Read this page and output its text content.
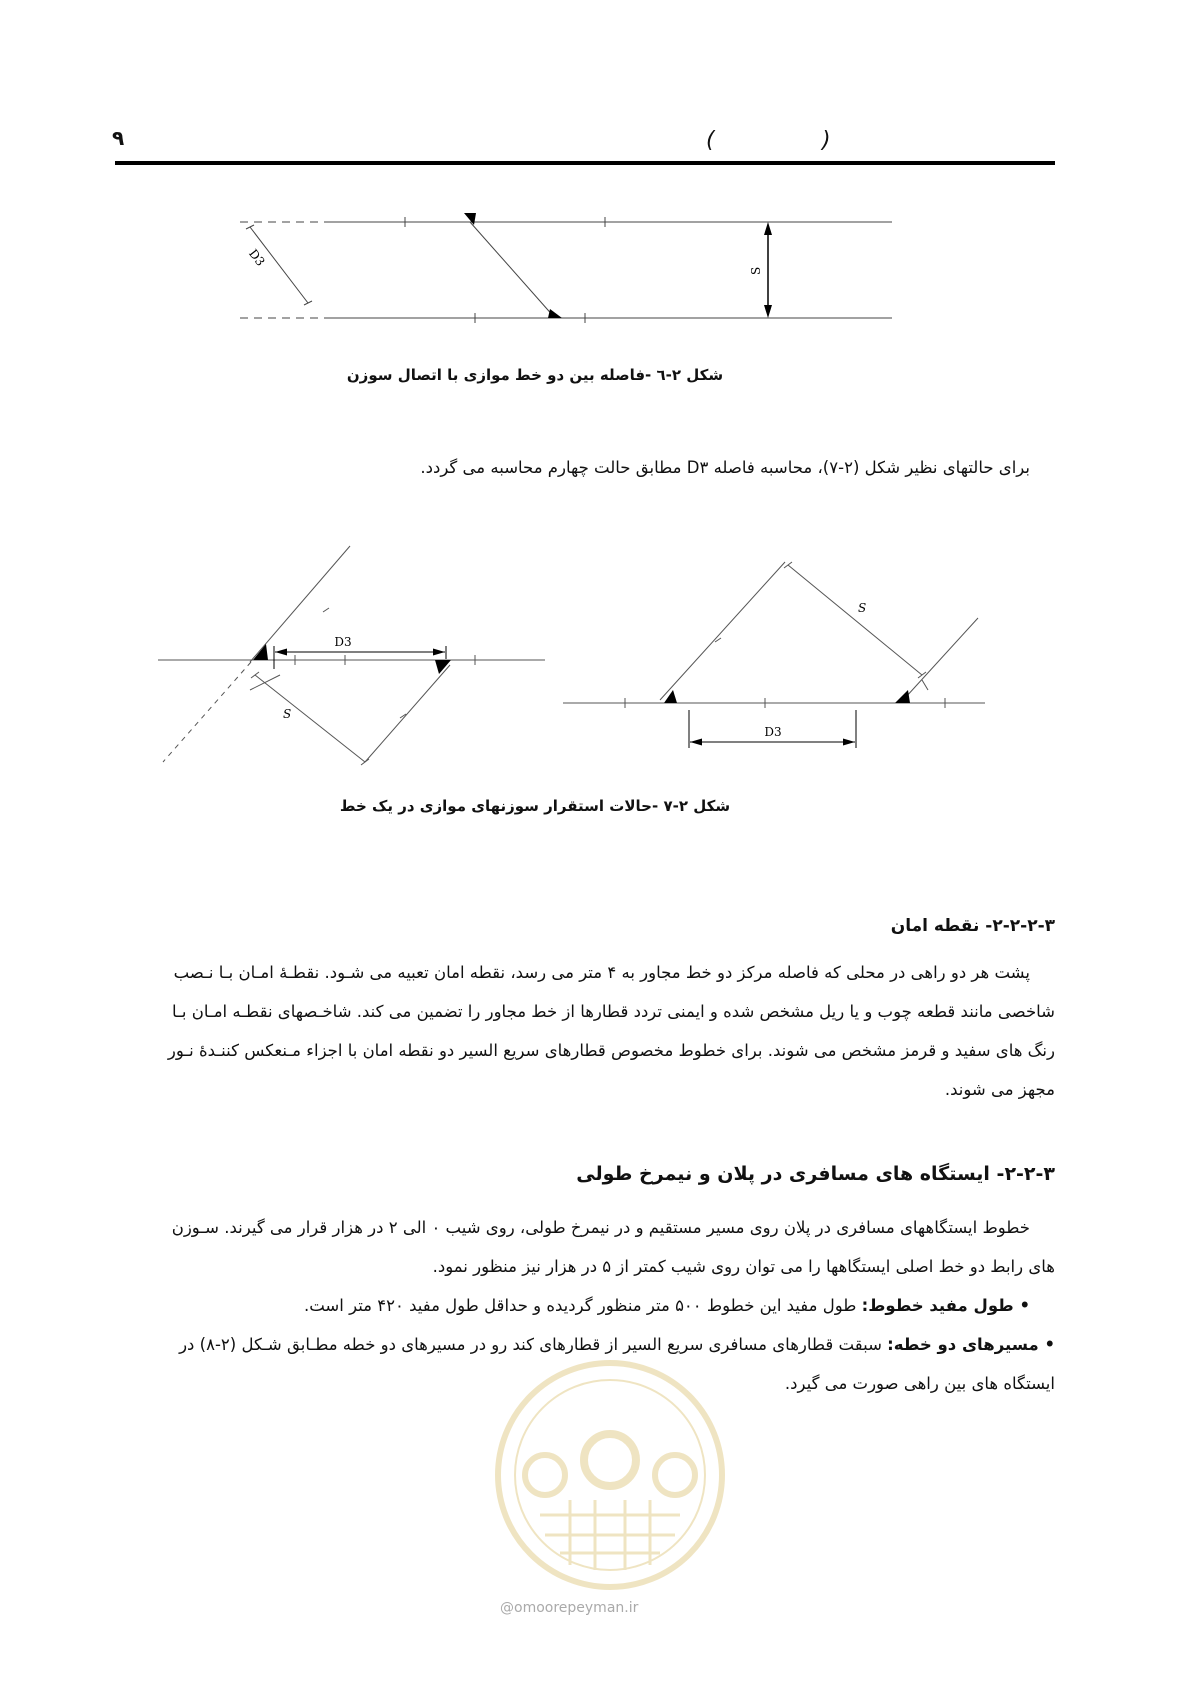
۹	(	)
D3
S
شکل ۲-٦ -فاصله بین دو خط موازی با اتصال سوزن
برای حالتهای نظیر شکل (۲-۷)، محاسبه فاصله D۳ مطابق حالت چهارم محاسبه می گردد.
D3
S
D3
S
شکل ۲-۷ -حالات استقرار سوزنهای موازی در یک خط
۲-۲-۲-۳- نقطه امان
پشت هر دو راهی در محلی که فاصله مرکز دو خط مجاور به ۴ متر می رسد، نقطه امان تعبیه می شـود. نقطـهٔ امـان بـا نـصب
شاخصی مانند قطعه چوب و یا ریل مشخص شده و ایمنی تردد قطارها از خط مجاور را تضمین می کند. شاخـصهای نقطـه امـان بـا
رنگ های سفید و قرمز مشخص می شوند. برای خطوط مخصوص قطارهای سریع السیر دو نقطه امان با اجزاء مـنعکس کننـدهٔ نـور
مجهز می شوند.
۲-۲-۳- ایستگاه های مسافری در پلان و نیمرخ طولی
خطوط ایستگاههای مسافری در پلان روی مسیر مستقیم و در نیمرخ طولی، روی شیب ۰ الی ۲ در هزار قرار می گیرند. سـوزن
های رابط دو خط اصلی ایستگاهها را می توان روی شیب کمتر از ۵ در هزار نیز منظور نمود.
• طول مفید خطوط: طول مفید این خطوط ۵۰۰ متر منظور گردیده و حداقل طول مفید ۴۲۰ متر است.
• مسیرهای دو خطه: سبقت قطارهای مسافری سریع السیر از قطارهای کند رو در مسیرهای دو خطه مطـابق شـکل (۲-۸) در
ایستگاه های بین راهی صورت می گیرد.
@omoorepeyman.ir
